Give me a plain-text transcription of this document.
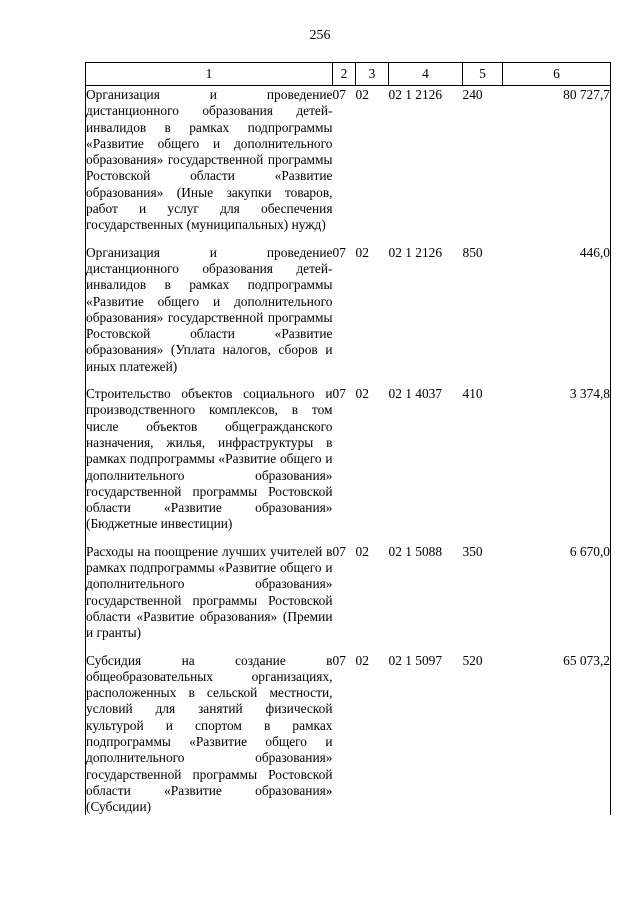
256
1	2	3	4	5	6
Организация и проведение дистанционного образования детей-инвалидов в рамках подпрограммы «Развитие общего и дополнительного образования» государственной программы Ростовской области «Развитие образования» (Иные закупки товаров, работ и услуг для обеспечения государственных (муниципальных) нужд)	07	02	02 1 2126	240	80 727,7

Организация и проведение дистанционного образования детей-инвалидов в рамках подпрограммы «Развитие общего и дополнительного образования» государственной программы Ростовской области «Развитие образования» (Уплата налогов, сборов и иных платежей)	07	02	02 1 2126	850	446,0

Строительство объектов социального и производственного комплексов, в том числе объектов общегражданского назначения, жилья, инфраструктуры в рамках подпрограммы «Развитие общего и дополнительного образования» государственной программы Ростовской области «Развитие образования» (Бюджетные инвестиции)	07	02	02 1 4037	410	3 374,8

Расходы на поощрение лучших учителей в рамках подпрограммы «Развитие общего и дополнительного образования» государственной программы Ростовской области «Развитие образования» (Премии и гранты)	07	02	02 1 5088	350	6 670,0

Субсидия на создание в общеобразовательных организациях, расположенных в сельской местности, условий для занятий физической культурой и спортом в рамках подпрограммы «Развитие общего и дополнительного образования» государственной программы Ростовской области «Развитие образования» (Субсидии)	07	02	02 1 5097	520	65 073,2
